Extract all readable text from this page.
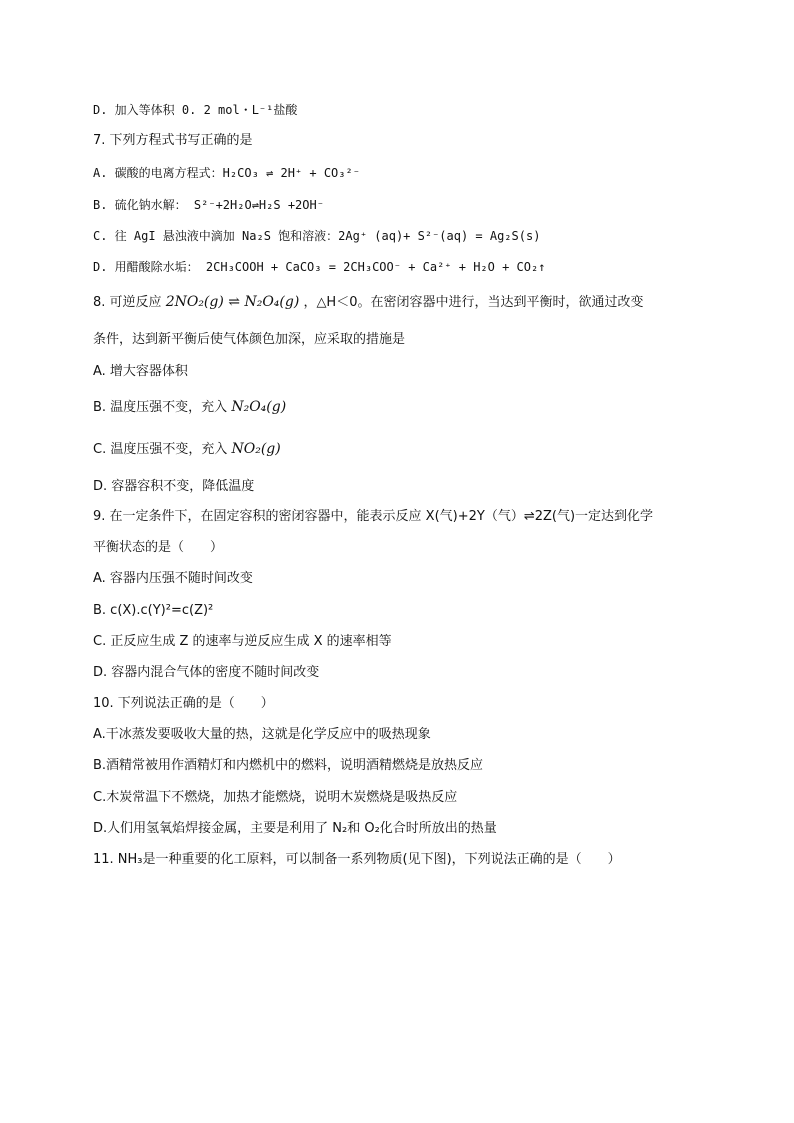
D. 加入等体积 0. 2 mol・L⁻¹盐酸
7. 下列方程式书写正确的是
A. 碳酸的电离方程式：H₂CO₃ ⇌ 2H⁺ + CO₃²⁻
B. 硫化钠水解： S²⁻+2H₂O⇌H₂S +2OH⁻
C. 往 AgI 悬浊液中滴加 Na₂S 饱和溶液：2Ag⁺ (aq)+ S²⁻(aq) = Ag₂S(s)
D. 用醋酸除水垢： 2CH₃COOH + CaCO₃ = 2CH₃COO⁻ + Ca²⁺ + H₂O + CO₂↑
8. 可逆反应 2NO₂(g) ⇌ N₂O₄(g) ，△H＜0。在密闭容器中进行，当达到平衡时，欲通过改变
条件，达到新平衡后使气体颜色加深，应采取的措施是
A. 增大容器体积
B. 温度压强不变，充入 N₂O₄(g)
C. 温度压强不变，充入 NO₂(g)
D. 容器容积不变，降低温度
9. 在一定条件下，在固定容积的密闭容器中，能表示反应 X(气)+2Y（气）⇌2Z(气)一定达到化学
平衡状态的是（　　）
A. 容器内压强不随时间改变
B. c(X).c(Y)²=c(Z)²
C. 正反应生成 Z 的速率与逆反应生成 X 的速率相等
D. 容器内混合气体的密度不随时间改变
10. 下列说法正确的是（　　）
A.干冰蒸发要吸收大量的热，这就是化学反应中的吸热现象
B.酒精常被用作酒精灯和内燃机中的燃料，说明酒精燃烧是放热反应
C.木炭常温下不燃烧，加热才能燃烧，说明木炭燃烧是吸热反应
D.人们用氢氧焰焊接金属，主要是利用了 N₂和 O₂化合时所放出的热量
11. NH₃是一种重要的化工原料，可以制备一系列物质(见下图)，下列说法正确的是（　　）
